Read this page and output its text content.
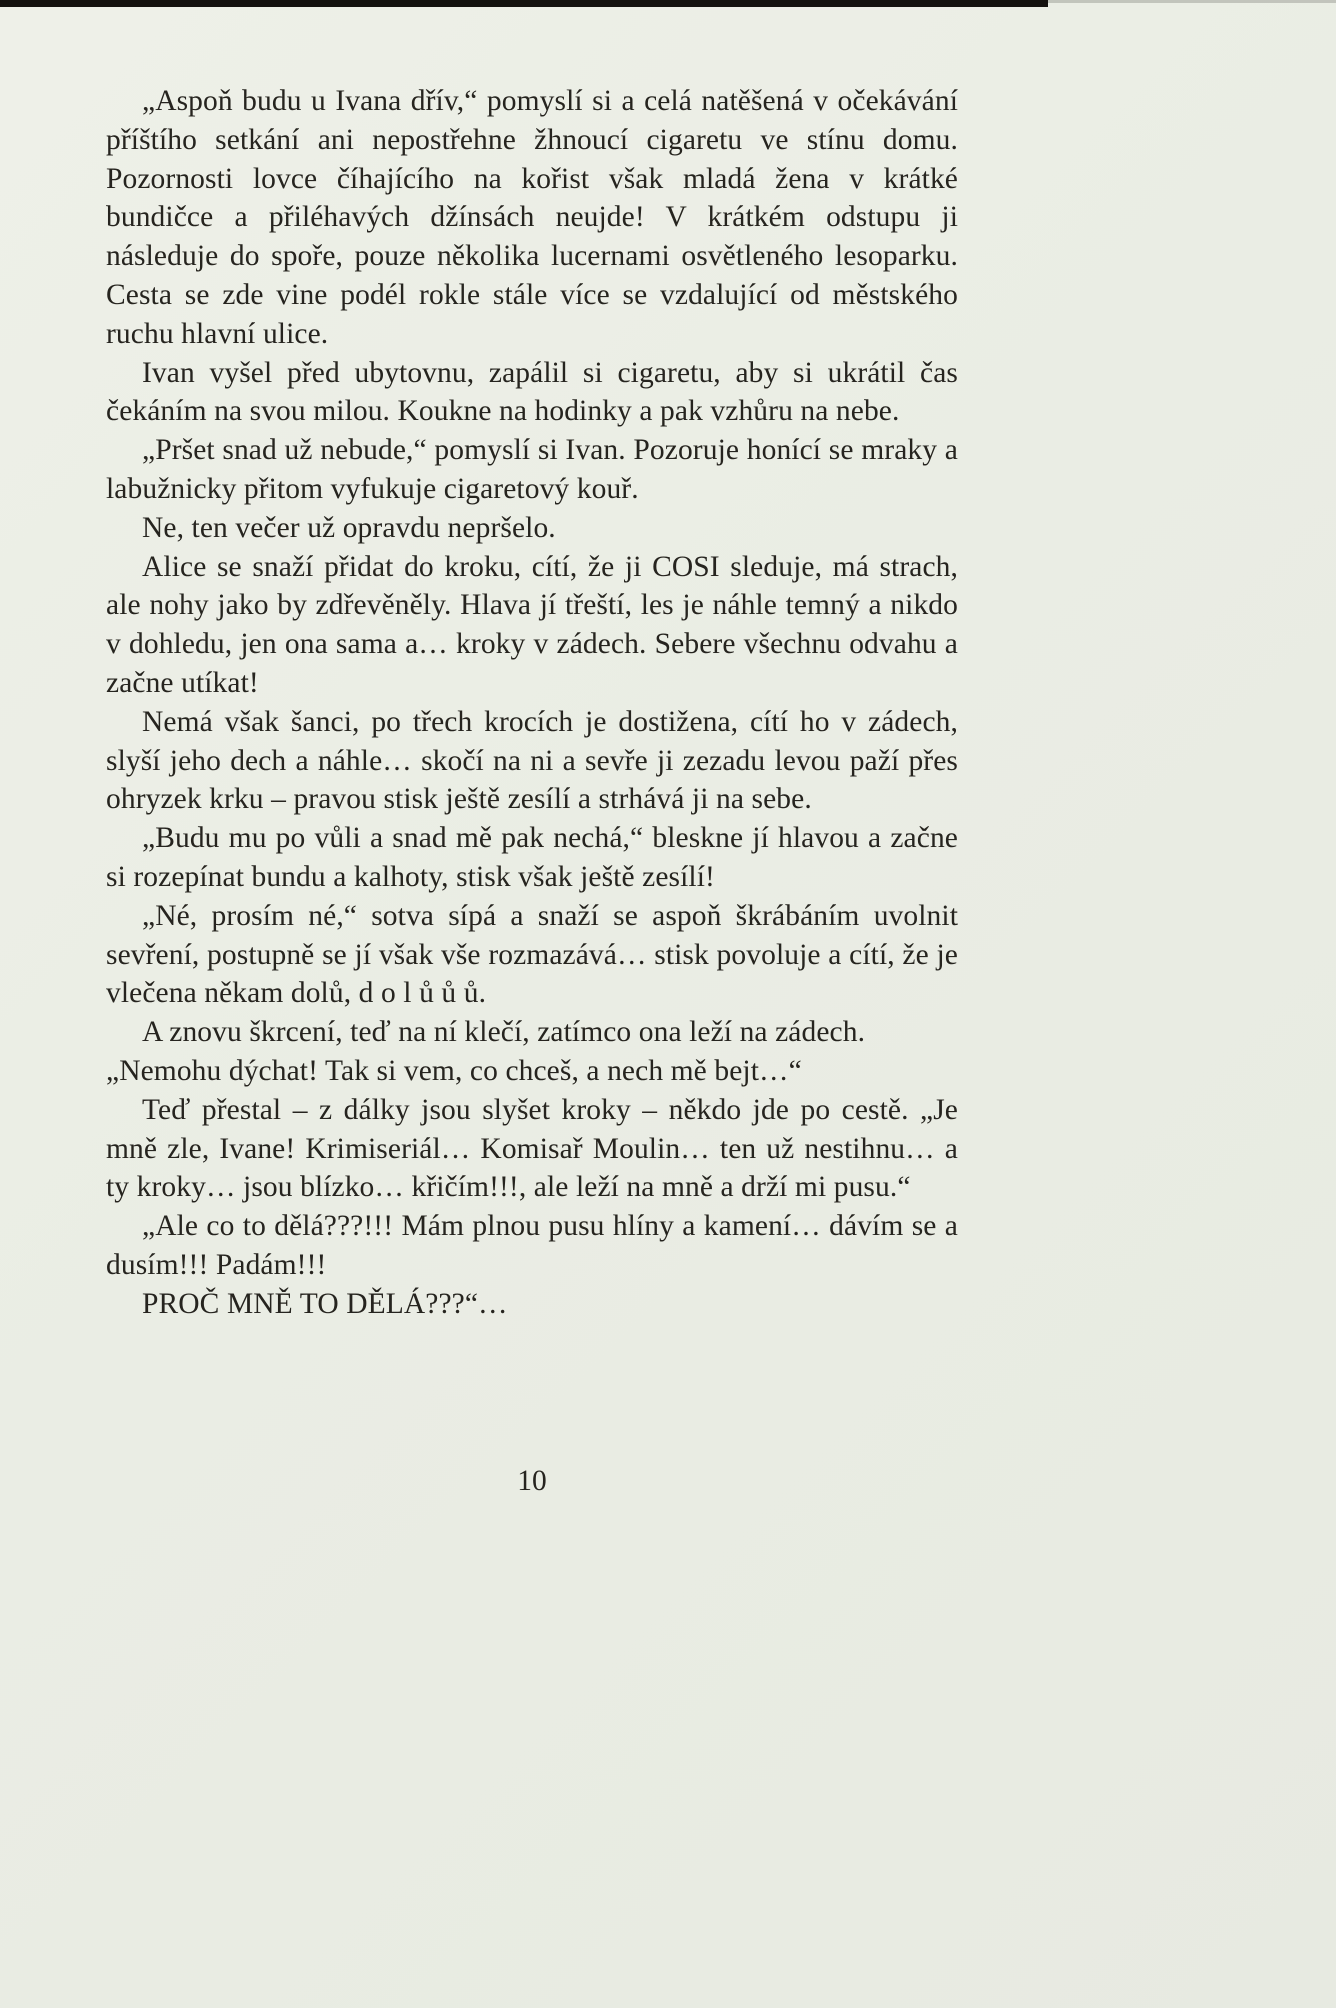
„Aspoň budu u Ivana dřív,“ pomyslí si a celá natěšená v očekávání příštího setkání ani nepostřehne žhnoucí cigaretu ve stínu domu. Pozornosti lovce číhajícího na kořist však mladá žena v krátké bundičce a přiléhavých džínsách neujde! V krátkém odstupu ji následuje do spoře, pouze několika lucernami osvětleného lesoparku. Cesta se zde vine podél rokle stále více se vzdalující od městského ruchu hlavní ulice.

Ivan vyšel před ubytovnu, zapálil si cigaretu, aby si ukrátil čas čekáním na svou milou. Koukne na hodinky a pak vzhůru na nebe.

„Pršet snad už nebude,“ pomyslí si Ivan. Pozoruje honící se mraky a labužnicky přitom vyfukuje cigaretový kouř.

Ne, ten večer už opravdu nepršelo.

Alice se snaží přidat do kroku, cítí, že ji COSI sleduje, má strach, ale nohy jako by zdřevěněly. Hlava jí třeští, les je náhle temný a nikdo v dohledu, jen ona sama a… kroky v zádech. Sebere všechnu odvahu a začne utíkat!

Nemá však šanci, po třech krocích je dostižena, cítí ho v zádech, slyší jeho dech a náhle… skočí na ni a sevře ji zezadu levou paží přes ohryzek krku – pravou stisk ještě zesílí a strhává ji na sebe.

„Budu mu po vůli a snad mě pak nechá,“ bleskne jí hlavou a začne si rozepínat bundu a kalhoty, stisk však ještě zesílí!

„Né, prosím né,“ sotva sípá a snaží se aspoň škrábáním uvolnit sevření, postupně se jí však vše rozmazává… stisk povoluje a cítí, že je vlečena někam dolů, d o l ů ů ů.

A znovu škrcení, teď na ní klečí, zatímco ona leží na zádech.

„Nemohu dýchat! Tak si vem, co chceš, a nech mě bejt…“

Teď přestal – z dálky jsou slyšet kroky – někdo jde po cestě. „Je mně zle, Ivane! Krimiseriál… Komisař Moulin… ten už nestihnu… a ty kroky… jsou blízko… křičím!!!, ale leží na mně a drží mi pusu.“

„Ale co to dělá???!!! Mám plnou pusu hlíny a kamení… dávím se a dusím!!! Padám!!!

PROČ MNĚ TO DĚLÁ???“…

10
